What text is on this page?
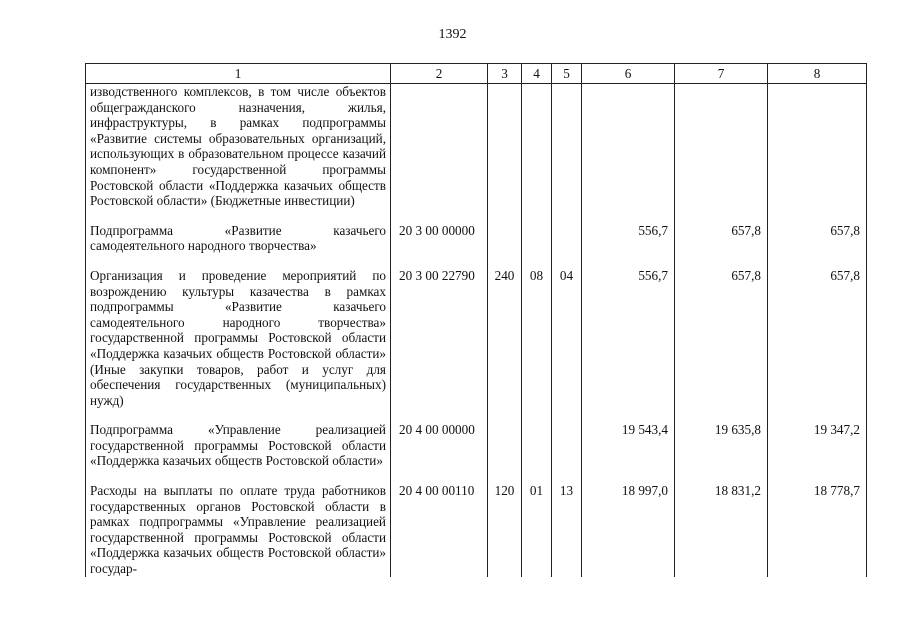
1392
1	2	3	4	5	6	7	8
изводственного комплексов, в том числе объектов общегражданского назначения, жилья, инфраструктуры, в рамках подпрограммы «Развитие системы образовательных организаций, использующих в образовательном процессе казачий компонент» государственной программы Ростовской области «Поддержка казачьих обществ Ростовской области» (Бюджетные инвестиции)							

Подпрограмма «Развитие казачьего самодеятельного народного творчества»	20 3 00 00000				556,7	657,8	657,8

Организация и проведение мероприятий по возрождению культуры казачества в рамках подпрограммы «Развитие казачьего самодеятельного народного творчества» государственной программы Ростовской области «Поддержка казачьих обществ Ростовской области» (Иные закупки товаров, работ и услуг для обеспечения государственных (муниципальных) нужд)	20 3 00 22790	240	08	04	556,7	657,8	657,8

Подпрограмма «Управление реализацией государственной программы Ростовской области «Поддержка казачьих обществ Ростовской области»	20 4 00 00000				19 543,4	19 635,8	19 347,2

Расходы на выплаты по оплате труда работников государственных органов Ростовской области в рамках подпрограммы «Управление реализацией государственной программы Ростовской области «Поддержка казачьих обществ Ростовской области» государ-	20 4 00 00110	120	01	13	18 997,0	18 831,2	18 778,7
